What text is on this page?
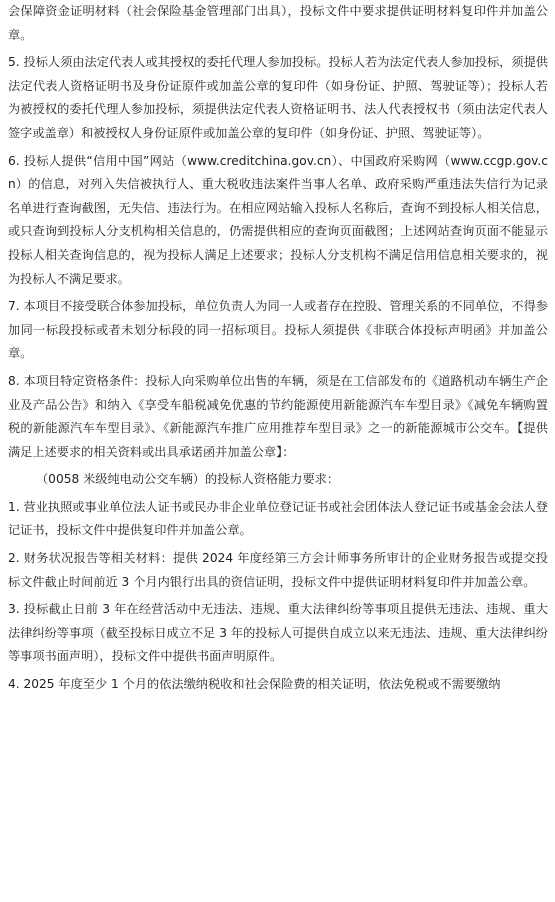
会保障资金证明材料（社会保险基金管理部门出具），投标文件中要求提供证明材料复印件并加盖公章。

5. 投标人须由法定代表人或其授权的委托代理人参加投标。投标人若为法定代表人参加投标，须提供法定代表人资格证明书及身份证原件或加盖公章的复印件（如身份证、护照、驾驶证等）；投标人若为被授权的委托代理人参加投标，须提供法定代表人资格证明书、法人代表授权书（须由法定代表人签字或盖章）和被授权人身份证原件或加盖公章的复印件（如身份证、护照、驾驶证等）。

6. 投标人提供“信用中国”网站（www.creditchina.gov.cn）、中国政府采购网（www.ccgp.gov.cn）的信息，对列入失信被执行人、重大税收违法案件当事人名单、政府采购严重违法失信行为记录名单进行查询截图，无失信、违法行为。在相应网站输入投标人名称后，查询不到投标人相关信息，或只查询到投标人分支机构相关信息的，仍需提供相应的查询页面截图；上述网站查询页面不能显示投标人相关查询信息的，视为投标人满足上述要求；投标人分支机构不满足信用信息相关要求的，视为投标人不满足要求。

7. 本项目不接受联合体参加投标，单位负责人为同一人或者存在控股、管理关系的不同单位，不得参加同一标段投标或者未划分标段的同一招标项目。投标人须提供《非联合体投标声明函》并加盖公章。

8. 本项目特定资格条件：投标人向采购单位出售的车辆，须是在工信部发布的《道路机动车辆生产企业及产品公告》和纳入《享受车船税减免优惠的节约能源使用新能源汽车车型目录》《减免车辆购置税的新能源汽车车型目录》、《新能源汽车推广应用推荐车型目录》之一的新能源城市公交车。【提供满足上述要求的相关资料或出具承诺函并加盖公章】：

（0058 米级纯电动公交车辆）的投标人资格能力要求：

1. 营业执照或事业单位法人证书或民办非企业单位登记证书或社会团体法人登记证书或基金会法人登记证书，投标文件中提供复印件并加盖公章。

2. 财务状况报告等相关材料：提供 2024 年度经第三方会计师事务所审计的企业财务报告或提交投标文件截止时间前近 3 个月内银行出具的资信证明，投标文件中提供证明材料复印件并加盖公章。

3. 投标截止日前 3 年在经营活动中无违法、违规、重大法律纠纷等事项且提供无违法、违规、重大法律纠纷等事项（截至投标日成立不足 3 年的投标人可提供自成立以来无违法、违规、重大法律纠纷等事项书面声明），投标文件中提供书面声明原件。

4. 2025 年度至少 1 个月的依法缴纳税收和社会保险费的相关证明，依法免税或不需要缴纳
